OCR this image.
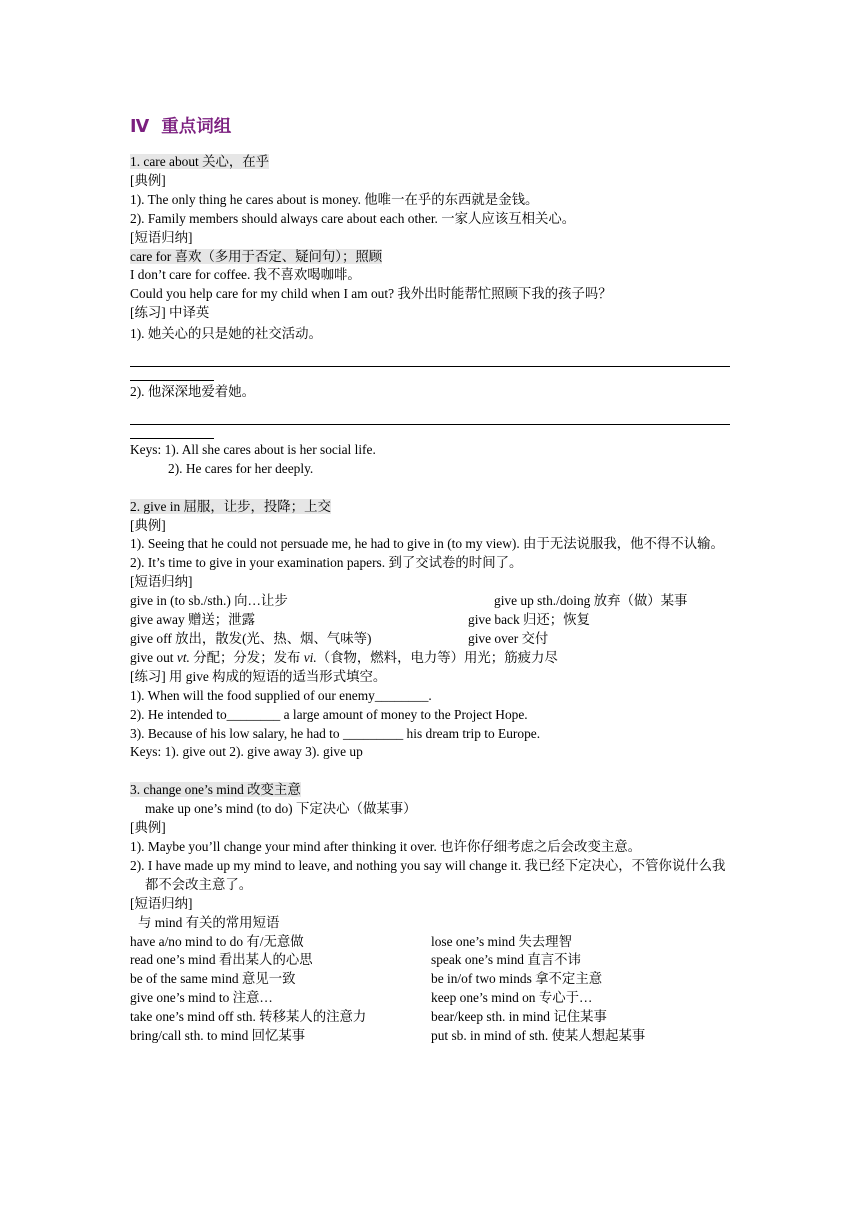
Ⅳ 重点词组
1. care about 关心，在乎
[典例]
1). The only thing he cares about is money. 他唯一在乎的东西就是金钱。
2). Family members should always care about each other. 一家人应该互相关心。
[短语归纳]
care for 喜欢（多用于否定、疑问句）；照顾
I don’t care for coffee. 我不喜欢喝咖啡。
Could you help care for my child when I am out? 我外出时能帮忙照顾下我的孩子吗？
[练习] 中译英
1). 她关心的只是她的社交活动。
2). 他深深地爱着她。
Keys: 1). All she cares about is her social life.
2). He cares for her deeply.
2. give in 屈服，让步，投降；上交
[典例]
1). Seeing that he could not persuade me, he had to give in (to my view). 由于无法说服我，他不得不认输。
2). It’s time to give in your examination papers. 到了交试卷的时间了。
[短语归纳]
give in (to sb./sth.) 向…让步	give up sth./doing 放弃（做）某事
give away 赠送；泄露	give back 归还；恢复
give off 放出，散发(光、热、烟、气味等)	give over 交付
give out vt. 分配；分发；发布 vi.（食物，燃料，电力等）用光；筋疲力尽
[练习] 用 give 构成的短语的适当形式填空。
1). When will the food supplied of our enemy________.
2). He intended to________ a large amount of money to the Project Hope.
3). Because of his low salary, he had to _________ his dream trip to Europe.
Keys: 1). give out 2). give away 3). give up
3. change one’s mind 改变主意
make up one’s mind (to do) 下定决心（做某事）
[典例]
1). Maybe you’ll change your mind after thinking it over. 也许你仔细考虑之后会改变主意。
2). I have made up my mind to leave, and nothing you say will change it. 我已经下定决心，不管你说什么我都不会改主意了。
[短语归纳]
与 mind 有关的常用短语
have a/no mind to do 有/无意做	lose one’s mind 失去理智
read one’s mind 看出某人的心思	speak one’s mind 直言不讳
be of the same mind 意见一致	be in/of two minds 拿不定主意
give one’s mind to 注意…	keep one’s mind on 专心于…
take one’s mind off sth. 转移某人的注意力	bear/keep sth. in mind 记住某事
bring/call sth. to mind 回忆某事	put sb. in mind of sth. 使某人想起某事
